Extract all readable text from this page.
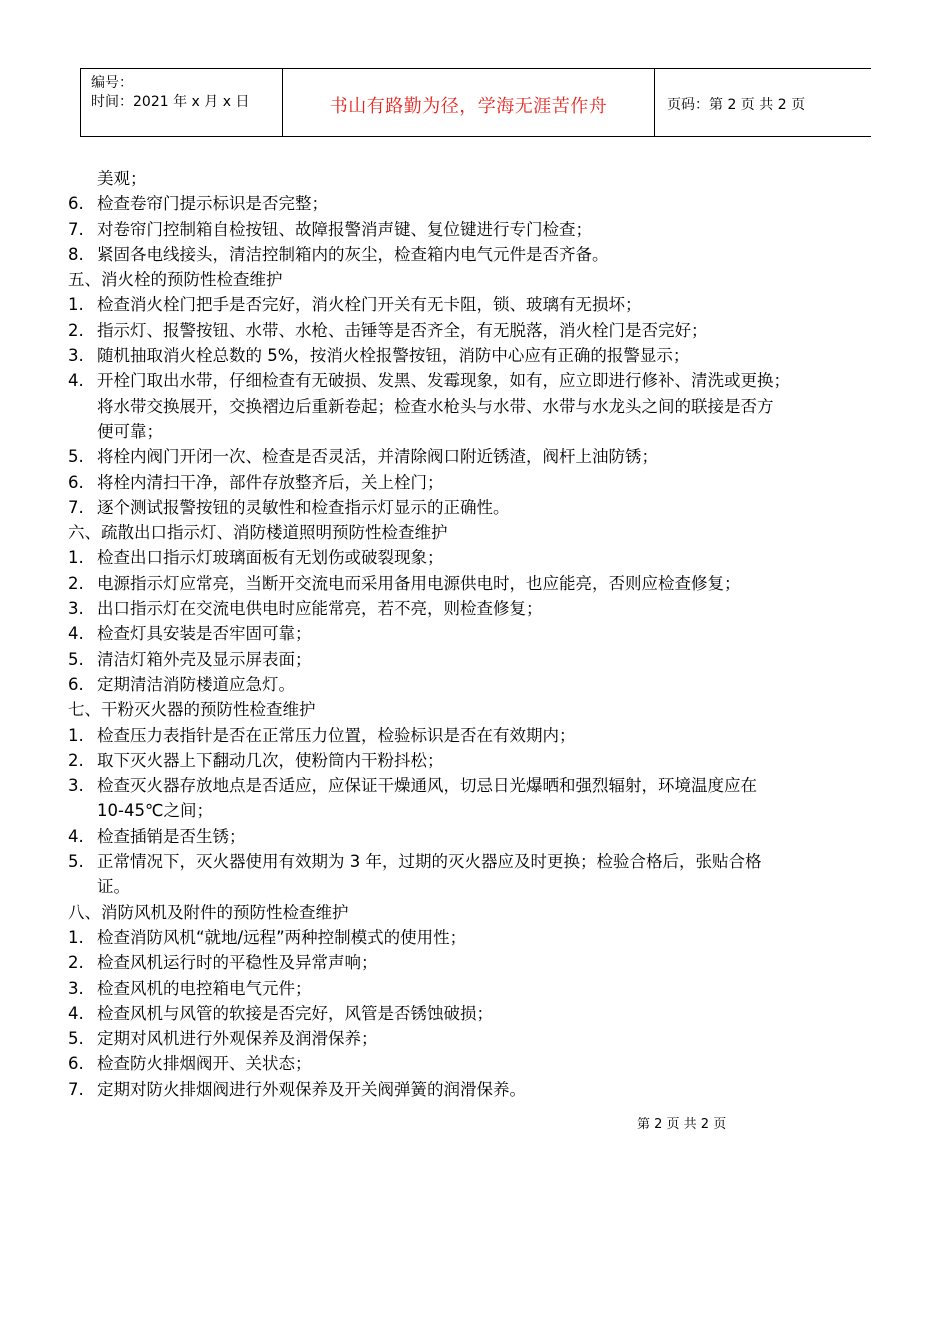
编号：
时间：2021 年 x 月 x 日	书山有路勤为径，学海无涯苦作舟	页码：第 2 页 共 2 页
美观；
6. 检查卷帘门提示标识是否完整；
7. 对卷帘门控制箱自检按钮、故障报警消声键、复位键进行专门检查；
8. 紧固各电线接头，清洁控制箱内的灰尘，检查箱内电气元件是否齐备。
五、消火栓的预防性检查维护
1. 检查消火栓门把手是否完好，消火栓门开关有无卡阻，锁、玻璃有无损坏；
2. 指示灯、报警按钮、水带、水枪、击锤等是否齐全，有无脱落，消火栓门是否完好；
3. 随机抽取消火栓总数的 5%，按消火栓报警按钮，消防中心应有正确的报警显示；
4. 开栓门取出水带，仔细检查有无破损、发黑、发霉现象，如有，应立即进行修补、清洗或更换；
将水带交换展开，交换褶边后重新卷起；检查水枪头与水带、水带与水龙头之间的联接是否方
便可靠；
5. 将栓内阀门开闭一次、检查是否灵活，并清除阀口附近锈渣，阀杆上油防锈；
6. 将栓内清扫干净，部件存放整齐后，关上栓门；
7. 逐个测试报警按钮的灵敏性和检查指示灯显示的正确性。
六、疏散出口指示灯、消防楼道照明预防性检查维护
1. 检查出口指示灯玻璃面板有无划伤或破裂现象；
2. 电源指示灯应常亮，当断开交流电而采用备用电源供电时，也应能亮，否则应检查修复；
3. 出口指示灯在交流电供电时应能常亮，若不亮，则检查修复；
4. 检查灯具安装是否牢固可靠；
5. 清洁灯箱外壳及显示屏表面；
6. 定期清洁消防楼道应急灯。
七、干粉灭火器的预防性检查维护
1. 检查压力表指针是否在正常压力位置，检验标识是否在有效期内；
2. 取下灭火器上下翻动几次，使粉筒内干粉抖松；
3. 检查灭火器存放地点是否适应，应保证干燥通风，切忌日光爆晒和强烈辐射，环境温度应在
10-45℃之间；
4. 检查插销是否生锈；
5. 正常情况下，灭火器使用有效期为 3 年，过期的灭火器应及时更换；检验合格后，张贴合格
证。
八、消防风机及附件的预防性检查维护
1. 检查消防风机“就地/远程”两种控制模式的使用性；
2. 检查风机运行时的平稳性及异常声响；
3. 检查风机的电控箱电气元件；
4. 检查风机与风管的软接是否完好，风管是否锈蚀破损；
5. 定期对风机进行外观保养及润滑保养；
6. 检查防火排烟阀开、关状态；
7. 定期对防火排烟阀进行外观保养及开关阀弹簧的润滑保养。
第 2 页 共 2 页
